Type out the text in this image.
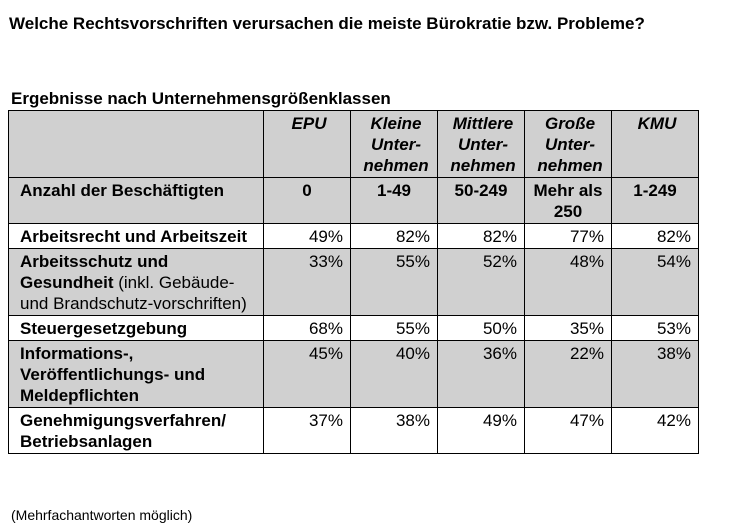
Welche Rechtsvorschriften verursachen die meiste Bürokratie bzw. Probleme?
Ergebnisse nach Unternehmensgrößenklassen
	EPU	Kleine Unter-nehmen	Mittlere Unter-nehmen	Große Unter-nehmen	KMU
Anzahl der Beschäftigten	0	1-49	50-249	Mehr als 250	1-249
Arbeitsrecht und Arbeitszeit	49%	82%	82%	77%	82%
Arbeitsschutz und Gesundheit (inkl. Gebäude- und Brandschutz-vorschriften)	33%	55%	52%	48%	54%
Steuergesetzgebung	68%	55%	50%	35%	53%
Informations-, Veröffentlichungs- und Meldepflichten	45%	40%	36%	22%	38%
Genehmigungsverfahren/ Betriebsanlagen	37%	38%	49%	47%	42%
(Mehrfachantworten möglich)
